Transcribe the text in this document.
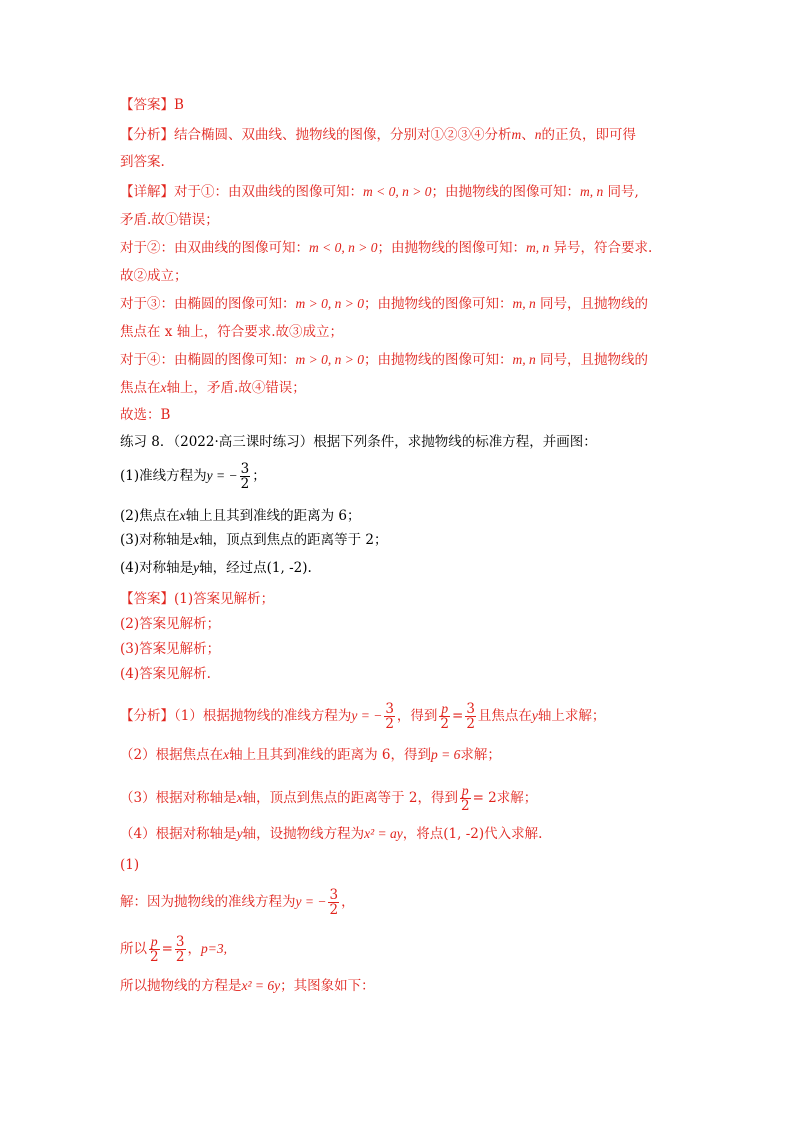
【答案】B
【分析】结合椭圆、双曲线、抛物线的图像，分别对①②③④分析m、n的正负，即可得
到答案.
【详解】对于①：由双曲线的图像可知：m < 0, n > 0；由抛物线的图像可知：m, n 同号,
矛盾.故①错误；
对于②：由双曲线的图像可知：m < 0, n > 0；由抛物线的图像可知：m, n 异号，符合要求.
故②成立；
对于③：由椭圆的图像可知：m > 0, n > 0；由抛物线的图像可知：m, n 同号，且抛物线的
焦点在 x 轴上，符合要求.故③成立；
对于④：由椭圆的图像可知：m > 0, n > 0；由抛物线的图像可知：m, n 同号，且抛物线的
焦点在x轴上，矛盾.故④错误；
故选：B
练习 8．（2022·高三课时练习）根据下列条件，求抛物线的标准方程，并画图：
(1)准线方程为y = − $\frac{3}{2}$ ；
(2)焦点在x轴上且其到准线的距离为 6；
(3)对称轴是x轴，顶点到焦点的距离等于 2；
(4)对称轴是y轴，经过点(1, -2).
【答案】(1)答案见解析；
(2)答案见解析；
(3)答案见解析；
(4)答案见解析.
【分析】（1）根据抛物线的准线方程为y = − $\frac{3}{2}$ ，得到 $\frac{p}{2} = \frac{3}{2}$ 且焦点在y轴上求解；
（2）根据焦点在x轴上且其到准线的距离为 6，得到p = 6求解；
（3）根据对称轴是x轴，顶点到焦点的距离等于 2，得到 $\frac{p}{2} = 2$求解；
（4）根据对称轴是y轴，设抛物线方程为x² = ay，将点(1, -2)代入求解.
(1)
解：因为抛物线的准线方程为y = − $\frac{3}{2}$ ，
所以 $\frac{p}{2} = \frac{3}{2}$ ，p=3,
所以抛物线的方程是x² = 6y；其图象如下：
